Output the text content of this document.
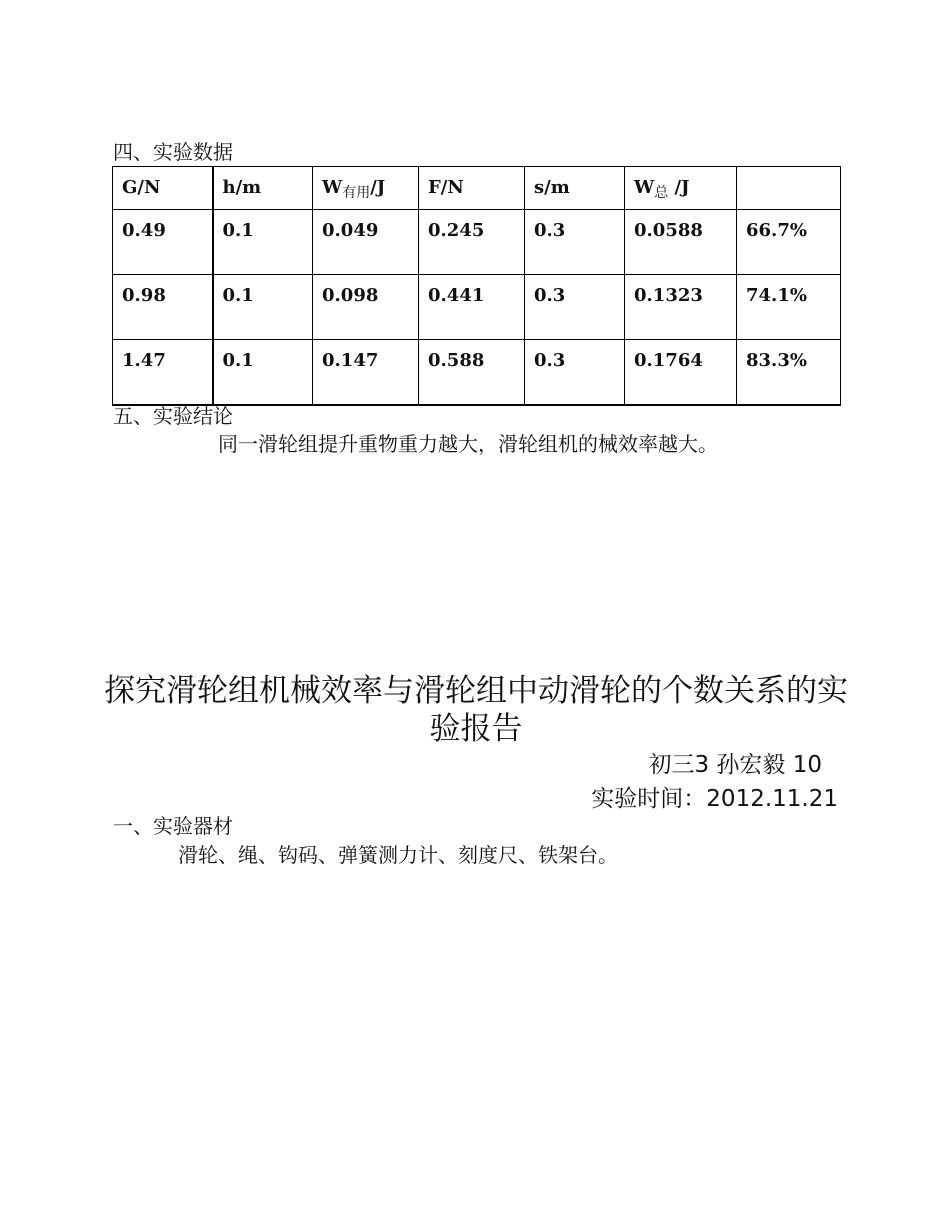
四、实验数据
G/N	h/m	$W_{有用}/J$	F/N	s/m	$W_总$ /J	
0.49	0.1	0.049	0.245	0.3	0.0588	66.7%
0.98	0.1	0.098	0.441	0.3	0.1323	74.1%
1.47	0.1	0.147	0.588	0.3	0.1764	83.3%
五、实验结论
同一滑轮组提升重物重力越大，滑轮组机的械效率越大。
探究滑轮组机械效率与滑轮组中动滑轮的个数关系的实验报告
初三3 孙宏毅 10
实验时间：2012.11.21
一、实验器材
滑轮、绳、钩码、弹簧测力计、刻度尺、铁架台。
